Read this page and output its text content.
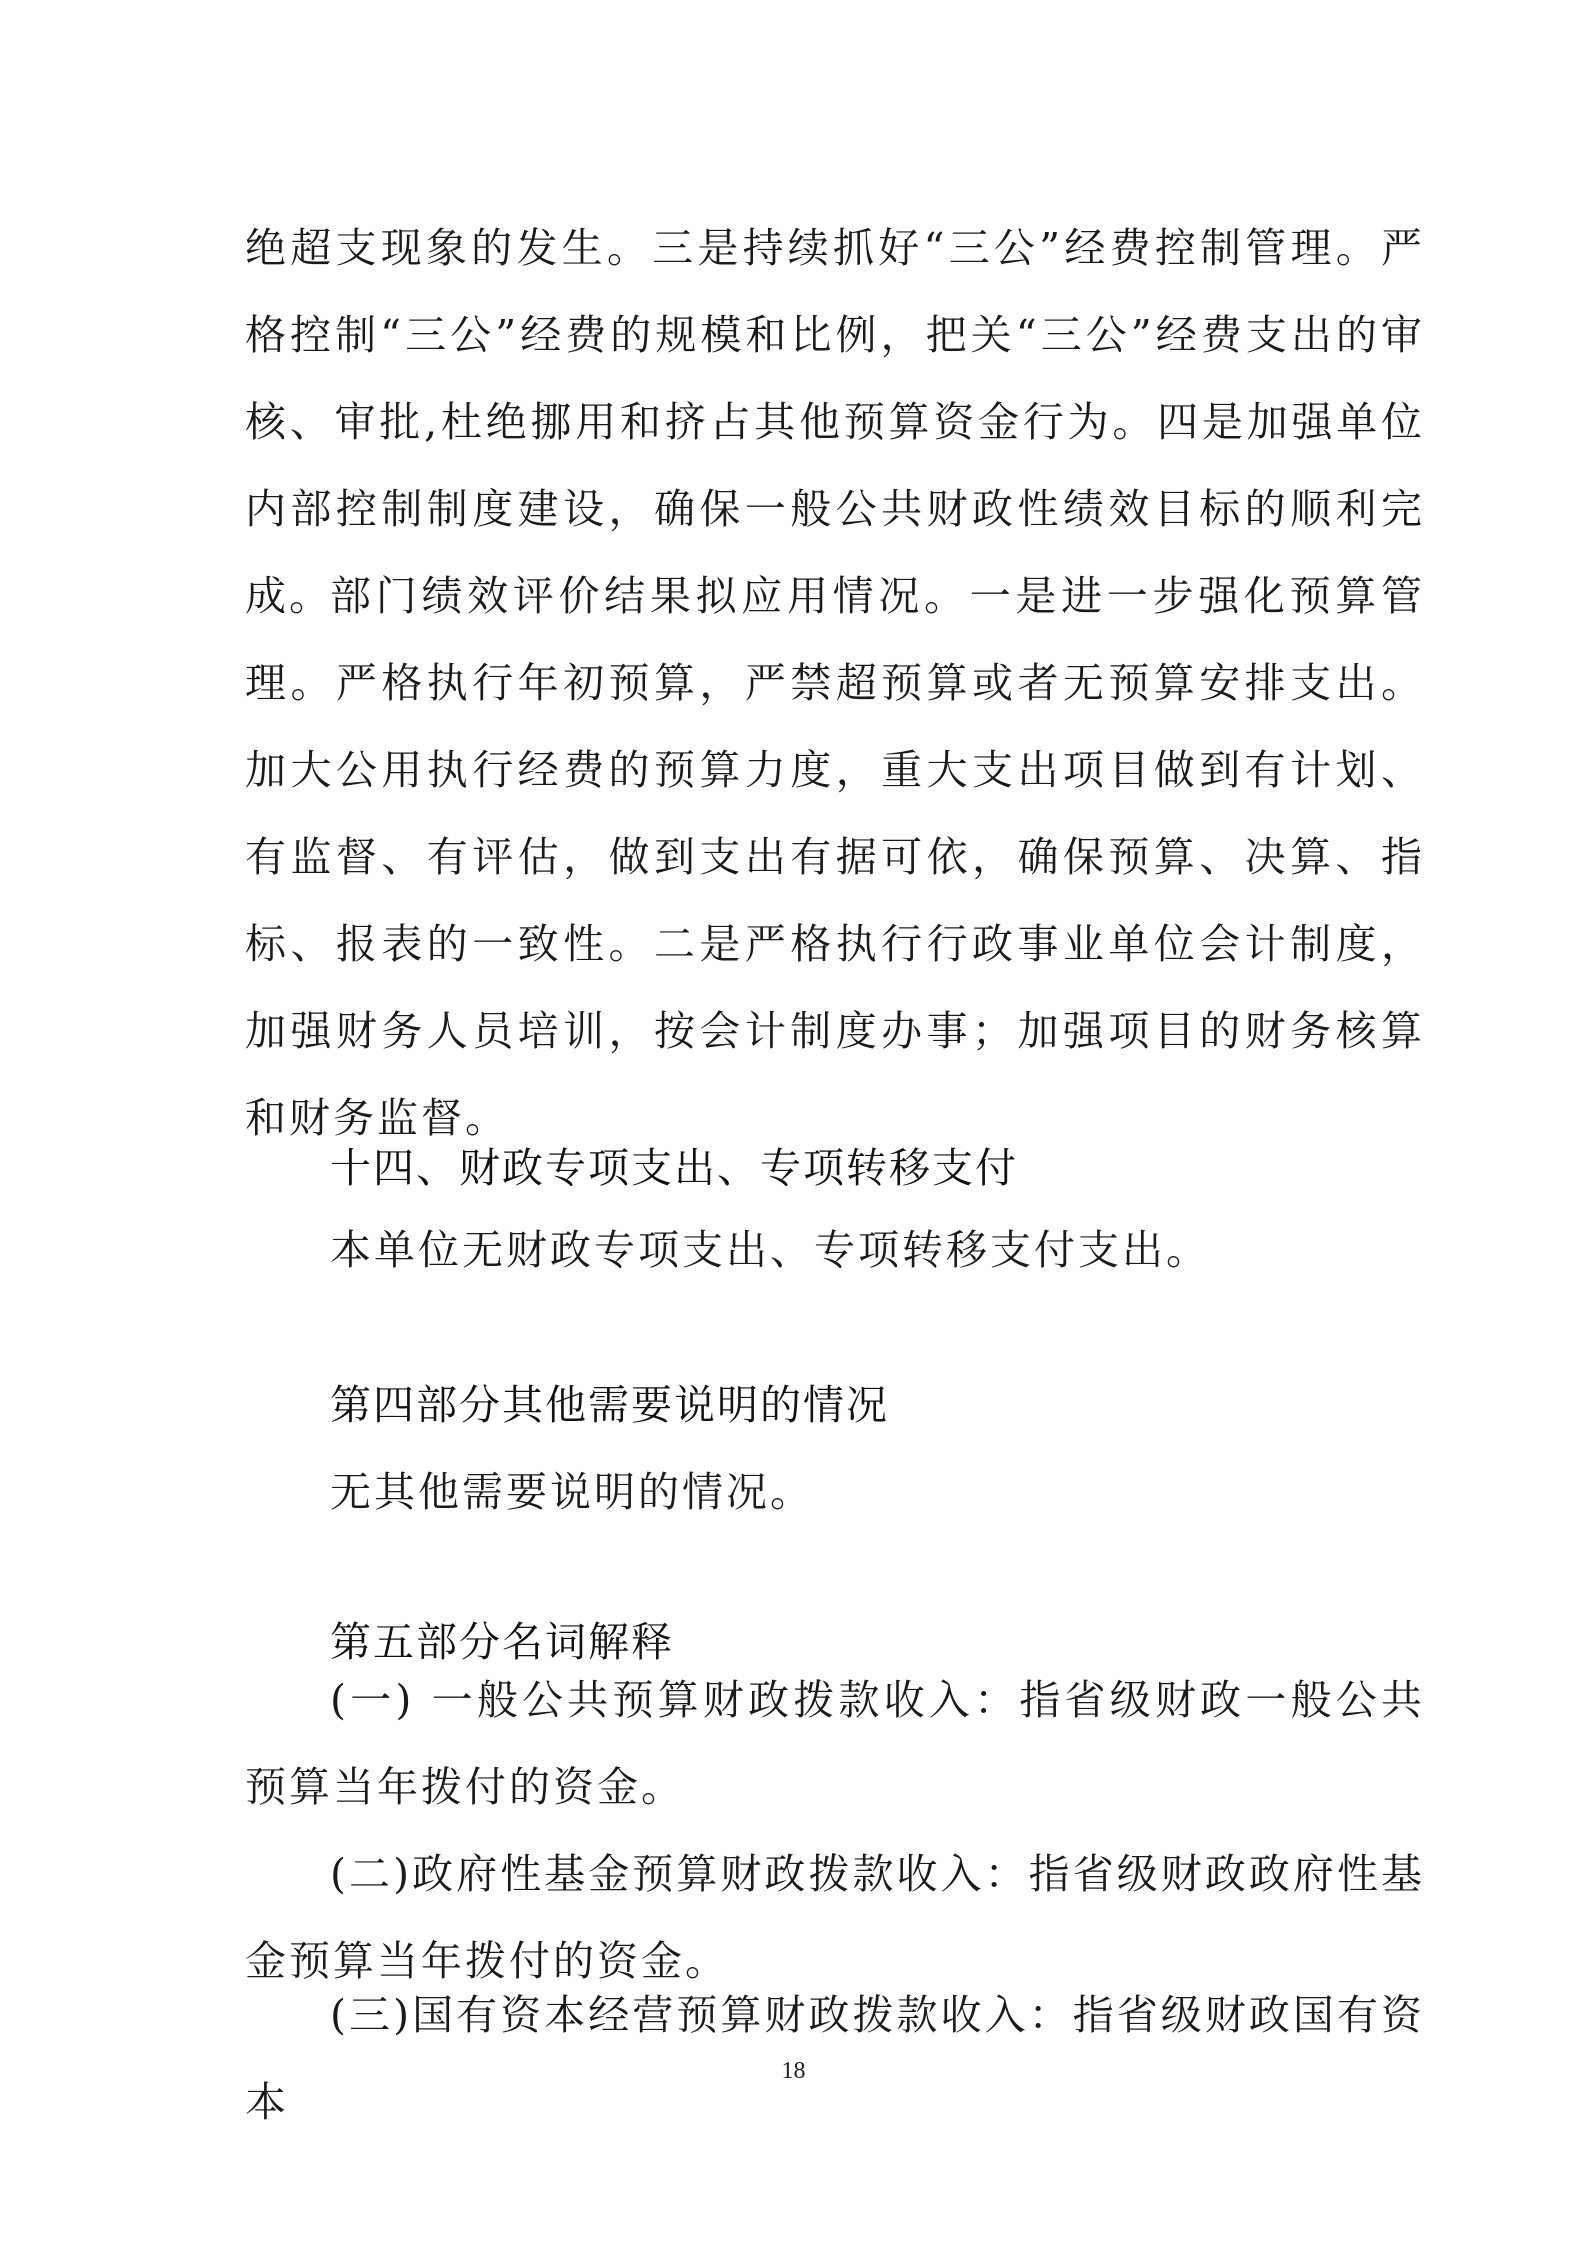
绝超支现象的发生。三是持续抓好“三公”经费控制管理。严格控制“三公”经费的规模和比例，把关“三公”经费支出的审核、审批,杜绝挪用和挤占其他预算资金行为。四是加强单位内部控制制度建设，确保一般公共财政性绩效目标的顺利完成。

部门绩效评价结果拟应用情况。一是进一步强化预算管理。严格执行年初预算，严禁超预算或者无预算安排支出。加大公用执行经费的预算力度，重大支出项目做到有计划、有监督、有评估，做到支出有据可依，确保预算、决算、指标、报表的一致性。二是严格执行行政事业单位会计制度，加强财务人员培训，按会计制度办事；加强项目的财务核算和财务监督。

十四、财政专项支出、专项转移支付

本单位无财政专项支出、专项转移支付支出。

第四部分其他需要说明的情况

无其他需要说明的情况。

第五部分名词解释

(一) 一般公共预算财政拨款收入：指省级财政一般公共预算当年拨付的资金。

(二)政府性基金预算财政拨款收入：指省级财政政府性基金预算当年拨付的资金。

(三)国有资本经营预算财政拨款收入：指省级财政国有资本

18
